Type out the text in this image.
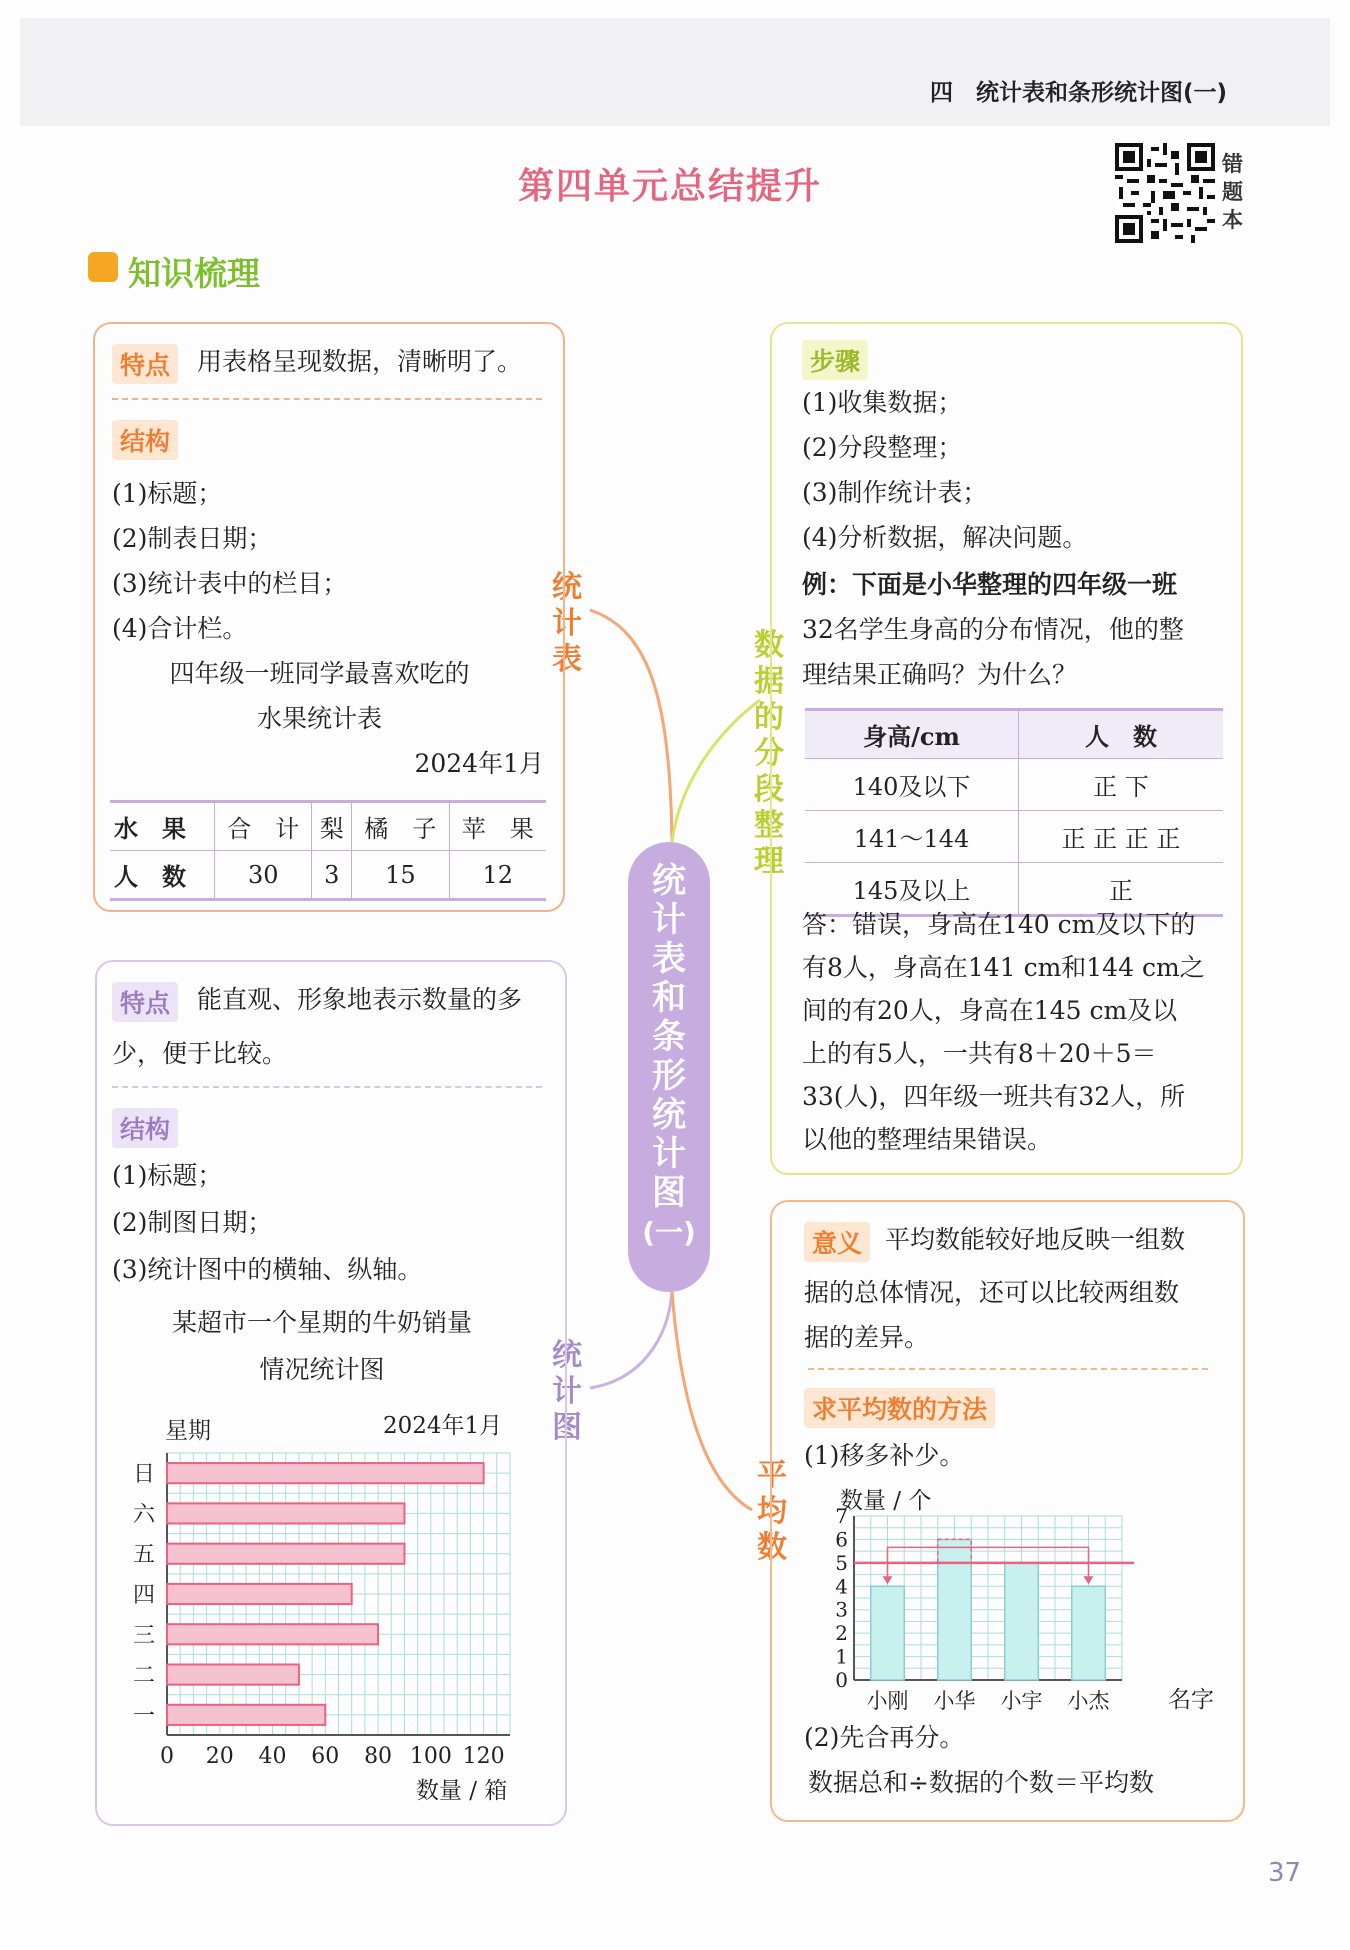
四　统计表和条形统计图(一)
第四单元总结提升
错
题
本
知识梳理
统
计
表
和
条
形
统
计
图
(一)
统
计
表
统
计
图
数
据
的
分
段
整
理
平
均
数
特点	用表格呈现数据，清晰明了。
结构
(1)标题；
(2)制表日期；
(3)统计表中的栏目；
(4)合计栏。
四年级一班同学最喜欢吃的
水果统计表
2024年1月
水　果	合　计	梨	橘　子	苹　果
人　数	30	3	15	12
特点	能直观、形象地表示数量的多
少，便于比较。
结构
(1)标题；
(2)制图日期；
(3)统计图中的横轴、纵轴。
某超市一个星期的牛奶销量
情况统计图
星期	2024年1月
数量 / 箱
一
二
三
四
五
六
日
0 20 40 60 80 100 120
步骤
(1)收集数据；
(2)分段整理；
(3)制作统计表；
(4)分析数据，解决问题。
例：下面是小华整理的四年级一班
32名学生身高的分布情况，他的整
理结果正确吗？为什么？
身高/cm	人　数
140及以下	正 下
141～144	正 正 正 正
145及以上	正
答：错误，身高在140 cm及以下的
有8人，身高在141 cm和144 cm之
间的有20人，身高在145 cm及以
上的有5人，一共有8＋20＋5＝
33(人)，四年级一班共有32人，所
以他的整理结果错误。
意义 平均数能较好地反映一组数
据的总体情况，还可以比较两组数
据的差异。
求平均数的方法
(1)移多补少。
数量 / 个
名字
0
1
2
3
4
5
6
7
小刚 小华 小宇 小杰
(2)先合再分。
数据总和÷数据的个数＝平均数
37
